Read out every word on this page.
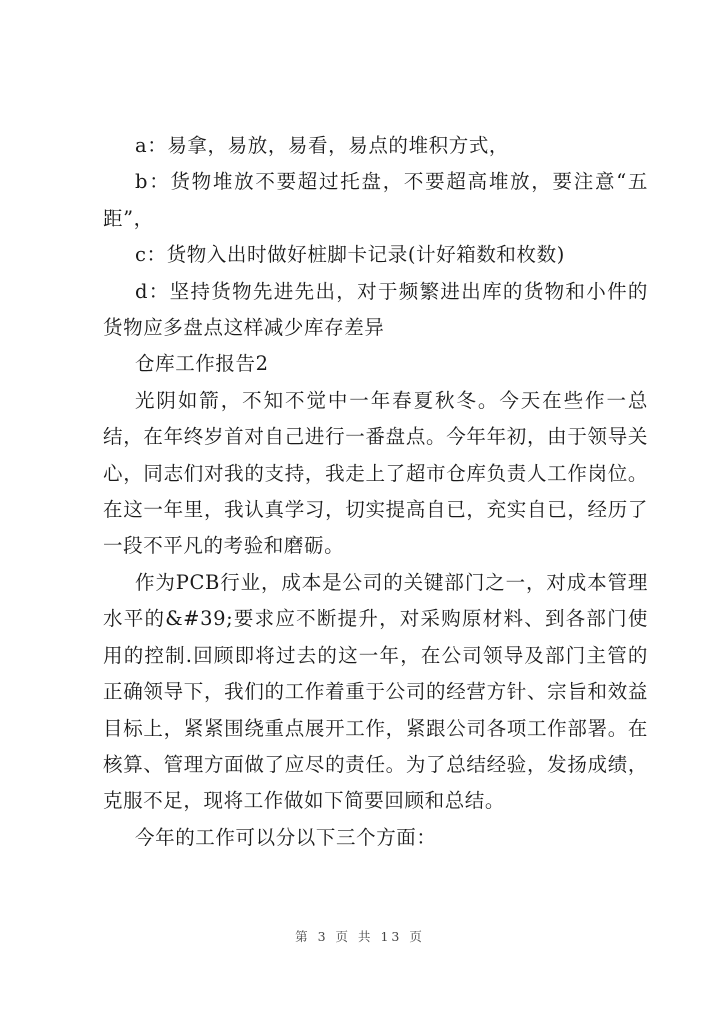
a：易拿，易放，易看，易点的堆积方式，

b：货物堆放不要超过托盘，不要超高堆放，要注意“五距”，

c：货物入出时做好桩脚卡记录(计好箱数和枚数)

d：坚持货物先进先出，对于频繁进出库的货物和小件的货物应多盘点这样减少库存差异

仓库工作报告2

光阴如箭，不知不觉中一年春夏秋冬。今天在些作一总结，在年终岁首对自己进行一番盘点。今年年初，由于领导关心，同志们对我的支持，我走上了超市仓库负责人工作岗位。在这一年里，我认真学习，切实提高自已，充实自已，经历了一段不平凡的考验和磨砺。

作为PCB行业，成本是公司的关键部门之一，对成本管理水平的&#39;要求应不断提升，对采购原材料、到各部门使用的控制.回顾即将过去的这一年，在公司领导及部门主管的正确领导下，我们的工作着重于公司的经营方针、宗旨和效益目标上，紧紧围绕重点展开工作，紧跟公司各项工作部署。在核算、管理方面做了应尽的责任。为了总结经验，发扬成绩，克服不足，现将工作做如下简要回顾和总结。

今年的工作可以分以下三个方面：

第 3 页 共 13 页
